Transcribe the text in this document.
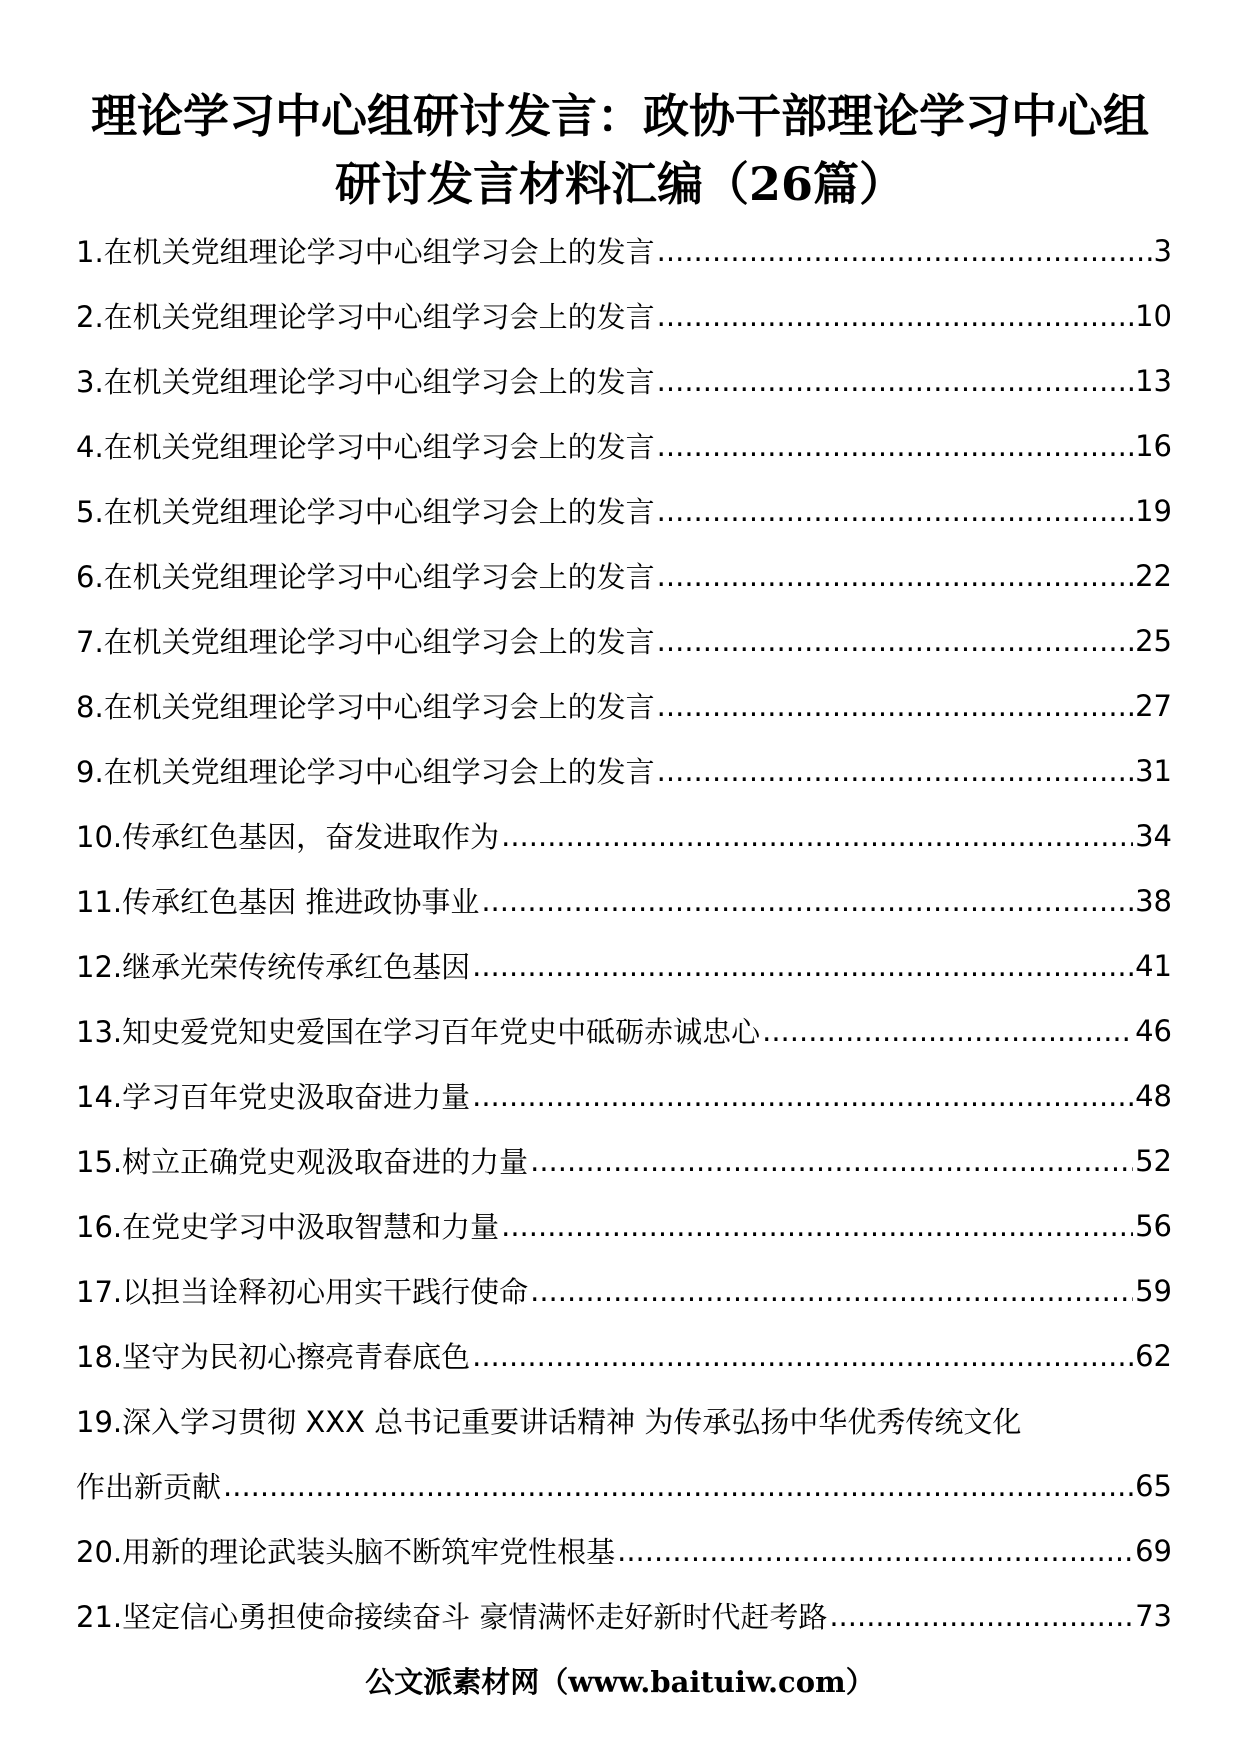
理论学习中心组研讨发言：政协干部理论学习中心组
研讨发言材料汇编（26篇）
1.在机关党组理论学习中心组学习会上的发言 .....	3
2.在机关党组理论学习中心组学习会上的发言 .....	10
3.在机关党组理论学习中心组学习会上的发言 .....	13
4.在机关党组理论学习中心组学习会上的发言 .....	16
5.在机关党组理论学习中心组学习会上的发言 .....	19
6.在机关党组理论学习中心组学习会上的发言 .....	22
7.在机关党组理论学习中心组学习会上的发言 .....	25
8.在机关党组理论学习中心组学习会上的发言 .....	27
9.在机关党组理论学习中心组学习会上的发言 .....	31
10.传承红色基因，奋发进取作为 .....	34
11.传承红色基因 推进政协事业 .....	38
12.继承光荣传统传承红色基因 .....	41
13.知史爱党知史爱国在学习百年党史中砥砺赤诚忠心 .....	46
14.学习百年党史汲取奋进力量 .....	48
15.树立正确党史观汲取奋进的力量 .....	52
16.在党史学习中汲取智慧和力量 .....	56
17.以担当诠释初心用实干践行使命 .....	59
18.坚守为民初心擦亮青春底色 .....	62
19.深入学习贯彻 XXX 总书记重要讲话精神 为传承弘扬中华优秀传统文化
作出新贡献 .....	65
20.用新的理论武装头脑不断筑牢党性根基 .....	69
21.坚定信心勇担使命接续奋斗 豪情满怀走好新时代赶考路 .....	73
公文派素材网（www.baituiw.com）
